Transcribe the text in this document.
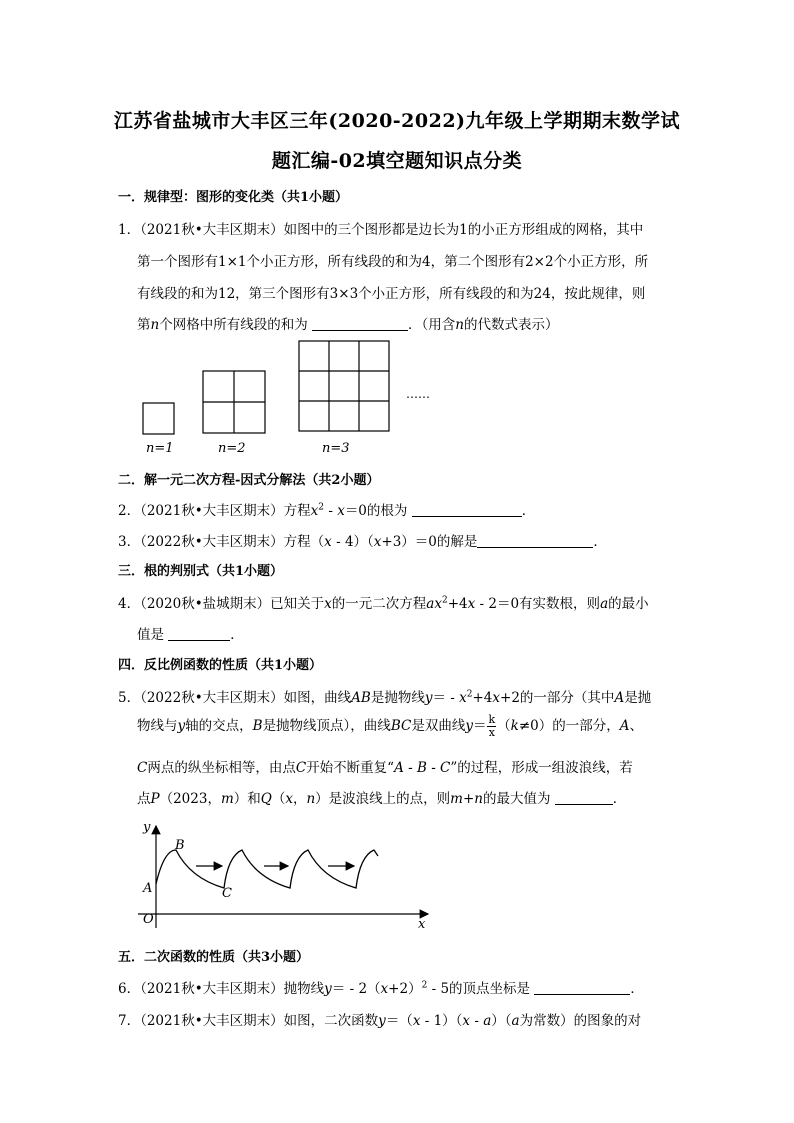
江苏省盐城市大丰区三年(2020-2022)九年级上学期期末数学试
题汇编-02填空题知识点分类
一．规律型：图形的变化类（共1小题）
1．（2021秋•大丰区期末）如图中的三个图形都是边长为1的小正方形组成的网格，其中
第一个图形有1×1个小正方形，所有线段的和为4，第二个图形有2×2个小正方形，所
有线段的和为12，第三个图形有3×3个小正方形，所有线段的和为24，按此规律，则
第n个网格中所有线段的和为	．（用含n的代数式表示）
……
n=1	n=2	n=3
二．解一元二次方程-因式分解法（共2小题）
2．（2021秋•大丰区期末）方程$x^2 - x=0$的根为	．
3．（2022秋•大丰区期末）方程（x - 4）（x+3）＝0的解是	．
三．根的判别式（共1小题）
4．（2020秋•盐城期末）已知关于x的一元二次方程$ax^2+4x - 2=0$有实数根，则a的最小
值是	．
四．反比例函数的性质（共1小题）
5．（2022秋•大丰区期末）如图，曲线AB是抛物线$y= - x^2+4x+2$的一部分（其中A是抛
物线与y轴的交点，B是抛物线顶点），曲线BC是双曲线$y= \frac{k}{x} (k\ne 0)$的一部分，A、
C两点的纵坐标相等，由点C开始不断重复“A - B - C”的过程，形成一组波浪线，若
点P（2023，m）和Q（x，n）是波浪线上的点，则m+n的最大值为	．
y
x
O
A
B
C
五．二次函数的性质（共3小题）
6．（2021秋•大丰区期末）抛物线$y= - 2(x+2)^2 - 5$的顶点坐标是	．
7．（2021秋•大丰区期末）如图，二次函数y＝（x - 1）（x - a）（a为常数）的图象的对
